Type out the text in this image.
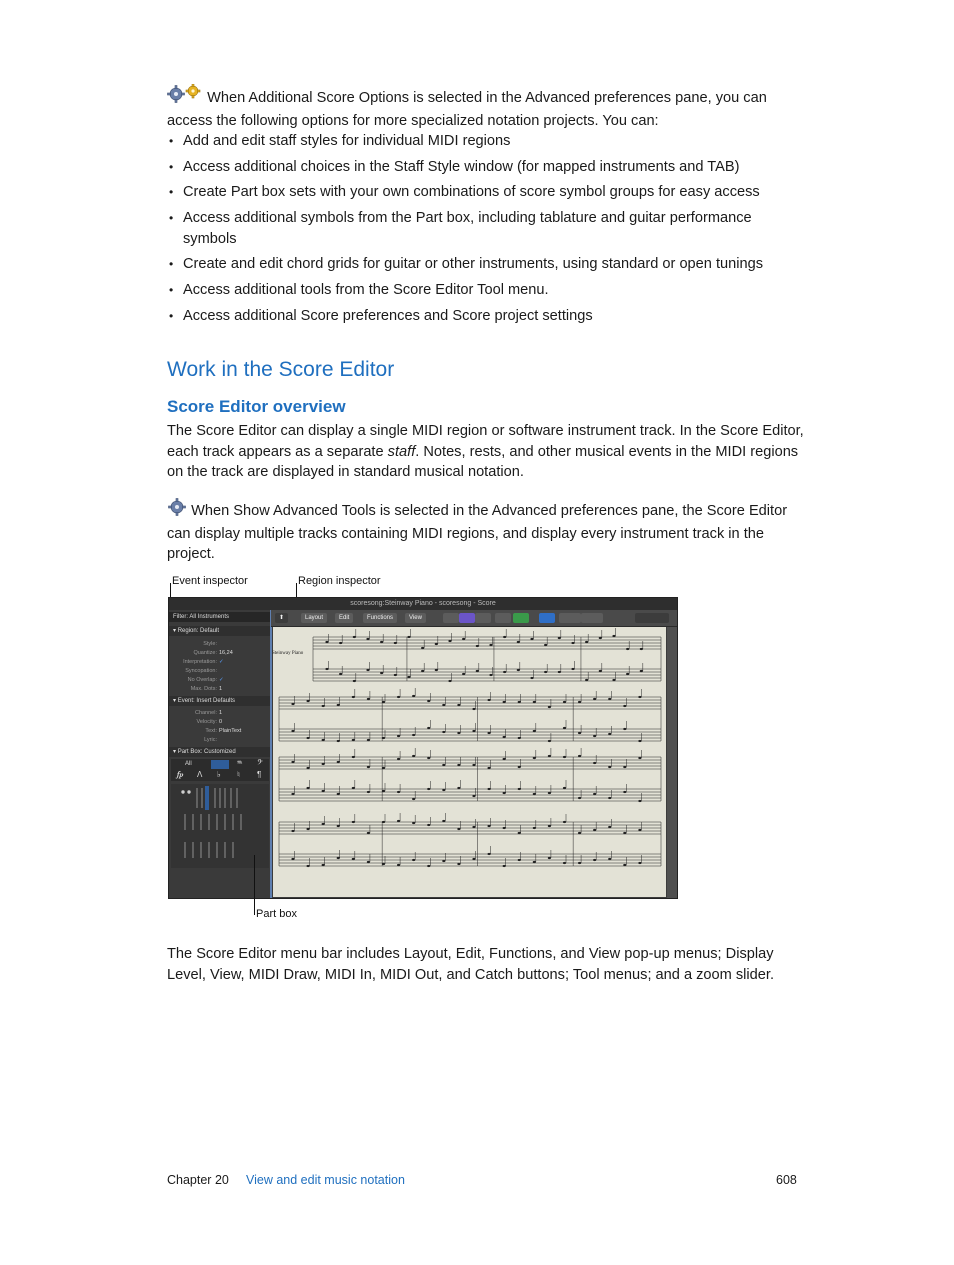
When Additional Score Options is selected in the Advanced preferences pane, you can access the following options for more specialized notation projects. You can:
• Add and edit staff styles for individual MIDI regions
• Access additional choices in the Staff Style window (for mapped instruments and TAB)
• Create Part box sets with your own combinations of score symbol groups for easy access
• Access additional symbols from the Part box, including tablature and guitar performance symbols
• Create and edit chord grids for guitar or other instruments, using standard or open tunings
• Access additional tools from the Score Editor Tool menu.
• Access additional Score preferences and Score project settings
Work in the Score Editor
Score Editor overview
The Score Editor can display a single MIDI region or software instrument track. In the Score Editor, each track appears as a separate staff. Notes, rests, and other musical events in the MIDI regions on the track are displayed in standard musical notation.
When Show Advanced Tools is selected in the Advanced preferences pane, the Score Editor can display multiple tracks containing MIDI regions, and display every instrument track in the project.
Event inspector	Region inspector
scoresong:Steinway Piano - scoresong - Score
Filter: All Instruments
▾ Region: Default
Style:
Quantize: 16,24
Interpretation: ✓
Syncopation:
No Overlap: ✓
Max. Dots: 1
▾ Event: Insert Defaults
Channel: 1
Velocity: 0
Text: PlainText
Lyric:
▾ Part Box: Customized
All	𝆮 𝄢
𝆑𝆏 Λ ♭ ♮ ¶
⬆	Layout	Edit	Functions	View
Steinway Piano
Part box
The Score Editor menu bar includes Layout, Edit, Functions, and View pop-up menus; Display Level, View, MIDI Draw, MIDI In, MIDI Out, and Catch buttons; Tool menus; and a zoom slider.
Chapter 20 View and edit music notation	608
